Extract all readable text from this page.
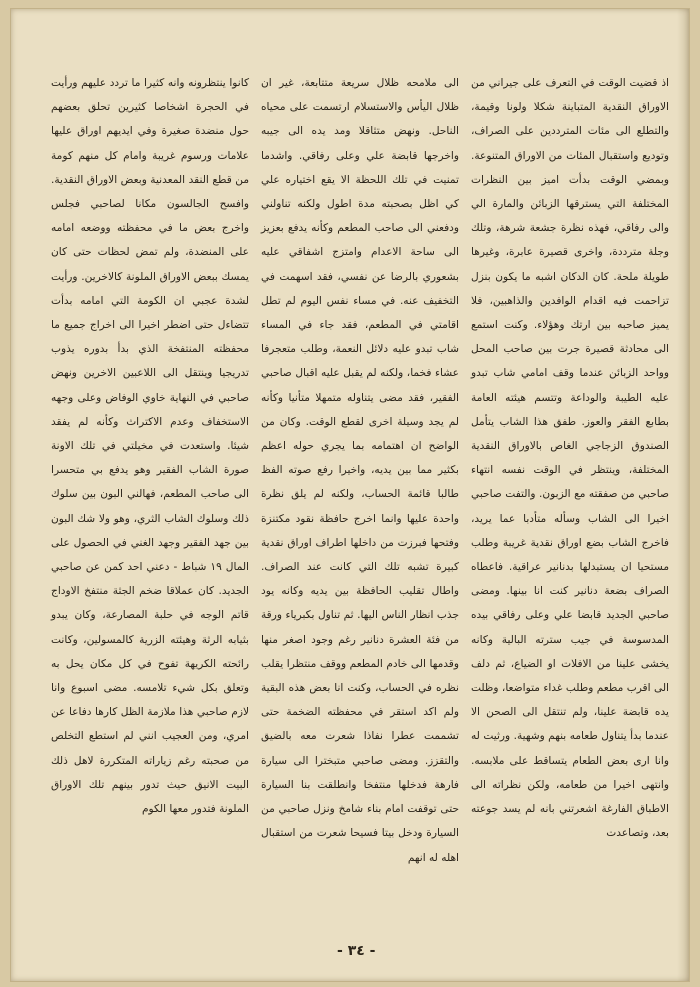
اذ قضيت الوقت في التعرف على جيراني من الاوراق النقدية المتباينة شكلا ولونا وقيمة، والتطلع الى مئات المترددين على الصراف، وتوديع واستقبال المئات من الاوراق المتنوعة. وبمضي الوقت بدأت اميز بين النظرات المختلفة التي يسترقها الزبائن والمارة الي والى رفاقي، فهذه نظرة جشعة شرهة، وتلك وجلة مترددة، واخرى قصيرة عابرة، وغيرها طويلة ملحة. كان الدكان اشبه ما يكون بنزل تزاحمت فيه اقدام الوافدين والذاهبين، فلا يميز صاحبه بين ارتك وهؤلاء. وكنت استمع الى محادثة قصيرة جرت بين صاحب المحل وواحد الزبائن عندما وقف امامي شاب تبدو عليه الطيبة والوداعة وتتسم هيئته العامة بطابع الفقر والعوز. طفق هذا الشاب يتأمل الصندوق الزجاجي الغاص بالاوراق النقدية المختلفة، وينتظر في الوقت نفسه انتهاء صاحبي من صفقته مع الزبون. والتفت صاحبي اخيرا الى الشاب وسأله متأدبا عما يريد، فاخرج الشاب بضع اوراق نقدية غريبة وطلب مستحيا ان يستبدلها بدنانير عراقية. فاعطاه الصراف بضعة دنانير كنت انا بينها. ومضى صاحبي الجديد قابضا علي وعلى رفاقي بيده المدسوسة في جيب سترته البالية وكانه يخشى علينا من الافلات او الضياع، ثم دلف الى اقرب مطعم وطلب غداء متواضعا، وظلت يده قابضة علينا، ولم تنتقل الى الصحن الا عندما بدأ يتناول طعامه بنهم وشهية. ورثيت له وانا ارى بعض الطعام يتساقط على ملابسه. وانتهى اخيرا من طعامه، ولكن نظراته الى الاطباق الفارغة اشعرتني بانه لم يسد جوعته بعد، وتصاعدت

الى ملامحه ظلال سريعة متتابعة، غير ان ظلال اليأس والاستسلام ارتسمت على محياه الناحل. ونهض متثاقلا ومد يده الى جيبه واخرجها قابضة علي وعلى رفاقي. واشدما تمنيت في تلك اللحظة الا يقع اختياره علي كي اظل بصحبته مدة اطول ولكنه تناولني ودفعني الى صاحب المطعم وكأنه يدفع بعزيز الى ساحة الاعدام وامتزج اشفاقي عليه بشعوري بالرضا عن نفسي، فقد اسهمت في التخفيف عنه. في مساء نفس اليوم لم تطل اقامتي في المطعم، فقد جاء في المساء شاب تبدو عليه دلائل النعمة، وطلب متعجرفا عشاء فخما، ولكنه لم يقبل عليه اقبال صاحبي الفقير، فقد مضى يتناوله متمهلا متأنيا وكأنه لم يجد وسيلة اخرى لقطع الوقت. وكان من الواضح ان اهتمامه بما يجري حوله اعظم بكثير مما بين يديه، واخيرا رفع صوته الفظ طالبا قائمة الحساب، ولكنه لم يلق نظرة واحدة عليها وانما اخرج حافظة نقود مكتنزة وفتحها فبرزت من داخلها اطراف اوراق نقدية كبيرة تشبه تلك التي كانت عند الصراف. واطال تقليب الحافظة بين يديه وكانه يود جذب انظار الناس اليها. ثم تناول بكبرياء ورقة من فئة العشرة دنانير رغم وجود اصغر منها وقدمها الى خادم المطعم ووقف منتظرا يقلب نظره في الحساب، وكنت انا بعض هذه البقية ولم اكد استقر في محفظته الضخمة حتى تشممت عطرا نفاذا شعرت معه بالضيق والتقزز. ومضى صاحبي متبخترا الى سيارة فارهة فدخلها منتفخا وانطلقت بنا السيارة حتى توقفت امام بناء شامخ ونزل صاحبي من السيارة ودخل بيتا فسيحا شعرت من استقبال اهله له انهم

كانوا ينتظرونه وانه كثيرا ما تردد عليهم ورأيت في الحجرة اشخاصا كثيرين تحلق بعضهم حول منضدة صغيرة وفي ايديهم اوراق عليها علامات ورسوم غريبة وامام كل منهم كومة من قطع النقد المعدنية وبعض الاوراق النقدية. وافسح الجالسون مكانا لصاحبي فجلس واخرج بعض ما في محفظته ووضعه امامه على المنضدة، ولم تمض لحظات حتى كان يمسك ببعض الاوراق الملونة كالاخرين. ورأيت لشدة عجبي ان الكومة التي امامه بدأت تتضاءل حتى اضطر اخيرا الى اخراج جميع ما محفظته المنتفخة الذي بدأ بدوره يذوب تدريجيا وينتقل الى اللاعبين الاخرين ونهض صاحبي في النهاية خاوي الوفاض وعلى وجهه الاستخفاف وعدم الاكتراث وكأنه لم يفقد شيئا. واستعدت في مخيلتي في تلك الاونة صورة الشاب الفقير وهو يدفع بي متحسرا الى صاحب المطعم، فهالني البون بين سلوك ذلك وسلوك الشاب الثري، وهو ولا شك البون بين جهد الفقير وجهد الغني في الحصول على المال ١٩ شباط - دعني احد كمن عن صاحبي الجديد. كان عملاقا ضخم الجثة منتفخ الاوداج قاتم الوجه في حلبة المصارعة، وكان يبدو بثيابه الرثة وهيئته الزرية كالمسولين، وكانت رائحته الكريهة تفوح في كل مكان يحل به وتعلق بكل شيء تلامسه. مضى اسبوع وانا لازم صاحبي هذا ملازمة الظل كارها دفاعا عن امري، ومن العجيب انني لم استطع التخلص من صحبته رغم زياراته المتكررة لاهل ذلك البيت الانيق حيث تدور بينهم تلك الاوراق الملونة فتدور معها الكوم

- ٣٤ -
